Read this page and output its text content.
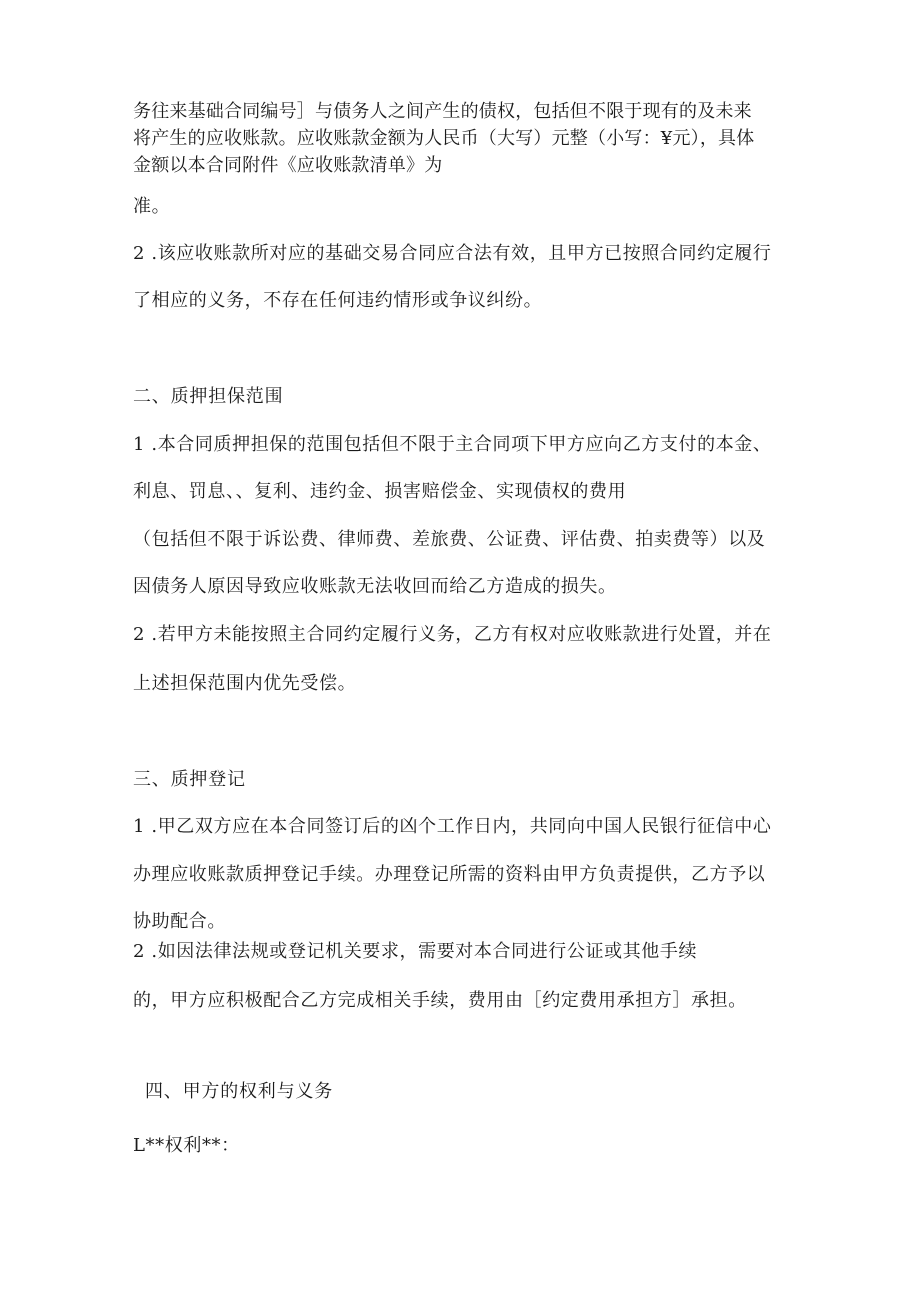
务往来基础合同编号］与债务人之间产生的债权，包括但不限于现有的及未来
将产生的应收账款。应收账款金额为人民币（大写）元整（小写：¥元），具体
金额以本合同附件《应收账款清单》为
准。
2 .该应收账款所对应的基础交易合同应合法有效，且甲方已按照合同约定履行
了相应的义务，不存在任何违约情形或争议纠纷。
二、质押担保范围
1 .本合同质押担保的范围包括但不限于主合同项下甲方应向乙方支付的本金、
利息、罚息、、复利、违约金、损害赔偿金、实现债权的费用
（包括但不限于诉讼费、律师费、差旅费、公证费、评估费、拍卖费等）以及
因债务人原因导致应收账款无法收回而给乙方造成的损失。
2 .若甲方未能按照主合同约定履行义务，乙方有权对应收账款进行处置，并在
上述担保范围内优先受偿。
三、质押登记
1 .甲乙双方应在本合同签订后的凶个工作日内，共同向中国人民银行征信中心
办理应收账款质押登记手续。办理登记所需的资料由甲方负责提供，乙方予以
协助配合。
2 .如因法律法规或登记机关要求，需要对本合同进行公证或其他手续
的，甲方应积极配合乙方完成相关手续，费用由［约定费用承担方］承担。
四、甲方的权利与义务
L**权利**：
